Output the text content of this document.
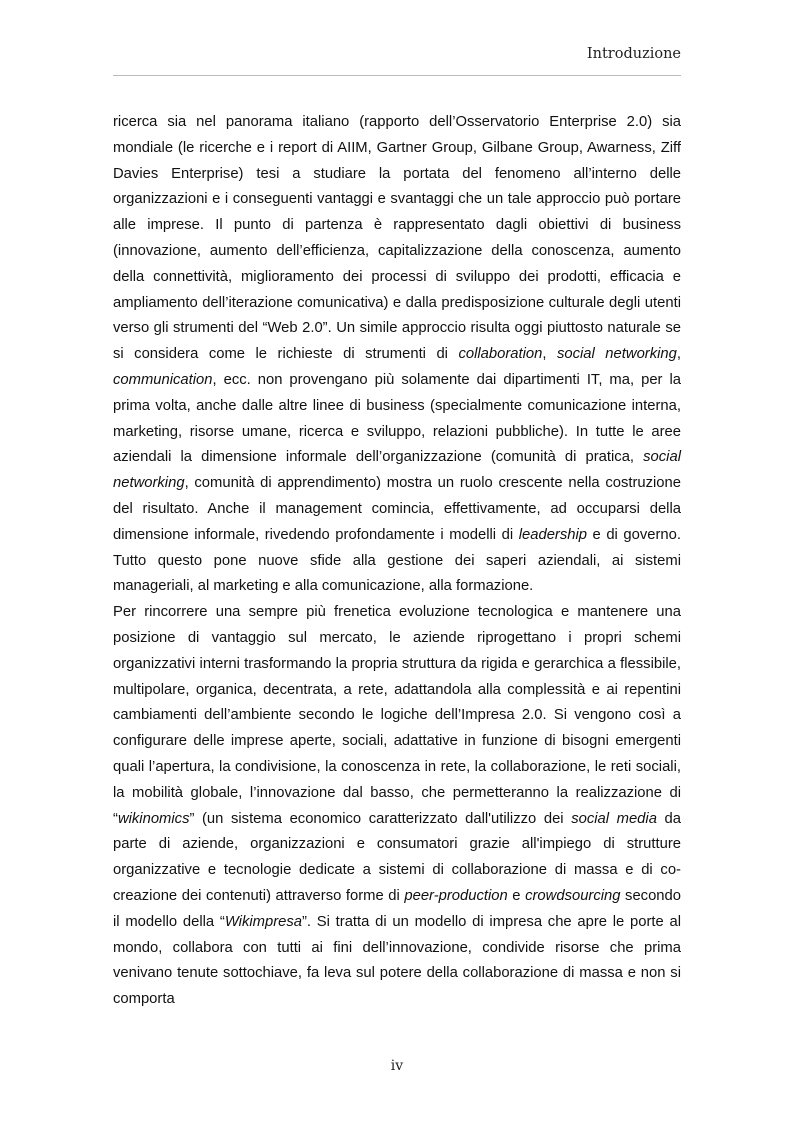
Introduzione

ricerca sia nel panorama italiano (rapporto dell’Osservatorio Enterprise 2.0) sia mondiale (le ricerche e i report di AIIM, Gartner Group, Gilbane Group, Awarness, Ziff Davies Enterprise) tesi a studiare la portata del fenomeno all’interno delle organizzazioni e i conseguenti vantaggi e svantaggi che un tale approccio può portare alle imprese. Il punto di partenza è rappresentato dagli obiettivi di business (innovazione, aumento dell’efficienza, capitalizzazione della conoscenza, aumento della connettività, miglioramento dei processi di sviluppo dei prodotti, efficacia e ampliamento dell’iterazione comunicativa) e dalla predisposizione culturale degli utenti verso gli strumenti del “Web 2.0”. Un simile approccio risulta oggi piuttosto naturale se si considera come le richieste di strumenti di collaboration, social networking, communication, ecc. non provengano più solamente dai dipartimenti IT, ma, per la prima volta, anche dalle altre linee di business (specialmente comunicazione interna, marketing, risorse umane, ricerca e sviluppo, relazioni pubbliche). In tutte le aree aziendali la dimensione informale dell’organizzazione (comunità di pratica, social networking, comunità di apprendimento) mostra un ruolo crescente nella costruzione del risultato. Anche il management comincia, effettivamente, ad occuparsi della dimensione informale, rivedendo profondamente i modelli di leadership e di governo. Tutto questo pone nuove sfide alla gestione dei saperi aziendali, ai sistemi manageriali, al marketing e alla comunicazione, alla formazione.

Per rincorrere una sempre più frenetica evoluzione tecnologica e mantenere una posizione di vantaggio sul mercato, le aziende riprogettano i propri schemi organizzativi interni trasformando la propria struttura da rigida e gerarchica a flessibile, multipolare, organica, decentrata, a rete, adattandola alla complessità e ai repentini cambiamenti dell’ambiente secondo le logiche dell’Impresa 2.0. Si vengono così a configurare delle imprese aperte, sociali, adattative in funzione di bisogni emergenti quali l’apertura, la condivisione, la conoscenza in rete, la collaborazione, le reti sociali, la mobilità globale, l’innovazione dal basso, che permetteranno la realizzazione di “wikinomics” (un sistema economico caratterizzato dall'utilizzo dei social media da parte di aziende, organizzazioni e consumatori grazie all'impiego di strutture organizzative e tecnologie dedicate a sistemi di collaborazione di massa e di co-creazione dei contenuti) attraverso forme di peer-production e crowdsourcing secondo il modello della “Wikimpresa”. Si tratta di un modello di impresa che apre le porte al mondo, collabora con tutti ai fini dell’innovazione, condivide risorse che prima venivano tenute sottochiave, fa leva sul potere della collaborazione di massa e non si comporta

iv
